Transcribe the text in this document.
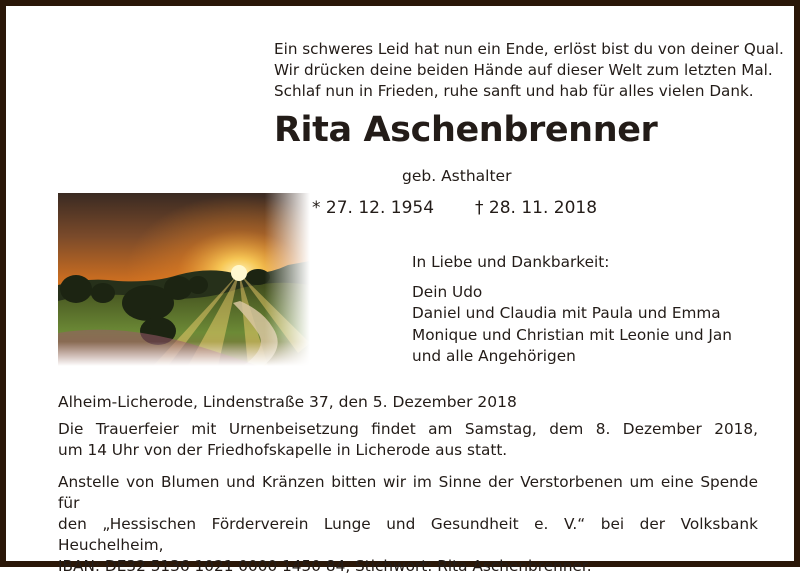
Ein schweres Leid hat nun ein Ende, erlöst bist du von deiner Qual.
Wir drücken deine beiden Hände auf dieser Welt zum letzten Mal.
Schlaf nun in Frieden, ruhe sanft und hab für alles vielen Dank.
Rita Aschenbrenner
geb. Asthalter
* 27. 12. 1954 † 28. 11. 2018
In Liebe und Dankbarkeit:
Dein Udo
Daniel und Claudia mit Paula und Emma
Monique und Christian mit Leonie und Jan
und alle Angehörigen
Alheim-Licherode, Lindenstraße 37, den 5. Dezember 2018
Die Trauerfeier mit Urnenbeisetzung findet am Samstag, dem 8. Dezember 2018,
um 14 Uhr von der Friedhofskapelle in Licherode aus statt.
Anstelle von Blumen und Kränzen bitten wir im Sinne der Verstorbenen um eine Spende für
den „Hessischen Förderverein Lunge und Gesundheit e. V.“ bei der Volksbank Heuchelheim,
IBAN: DE32 5136 1021 0000 1450 84, Stichwort: Rita Aschenbrenner.
